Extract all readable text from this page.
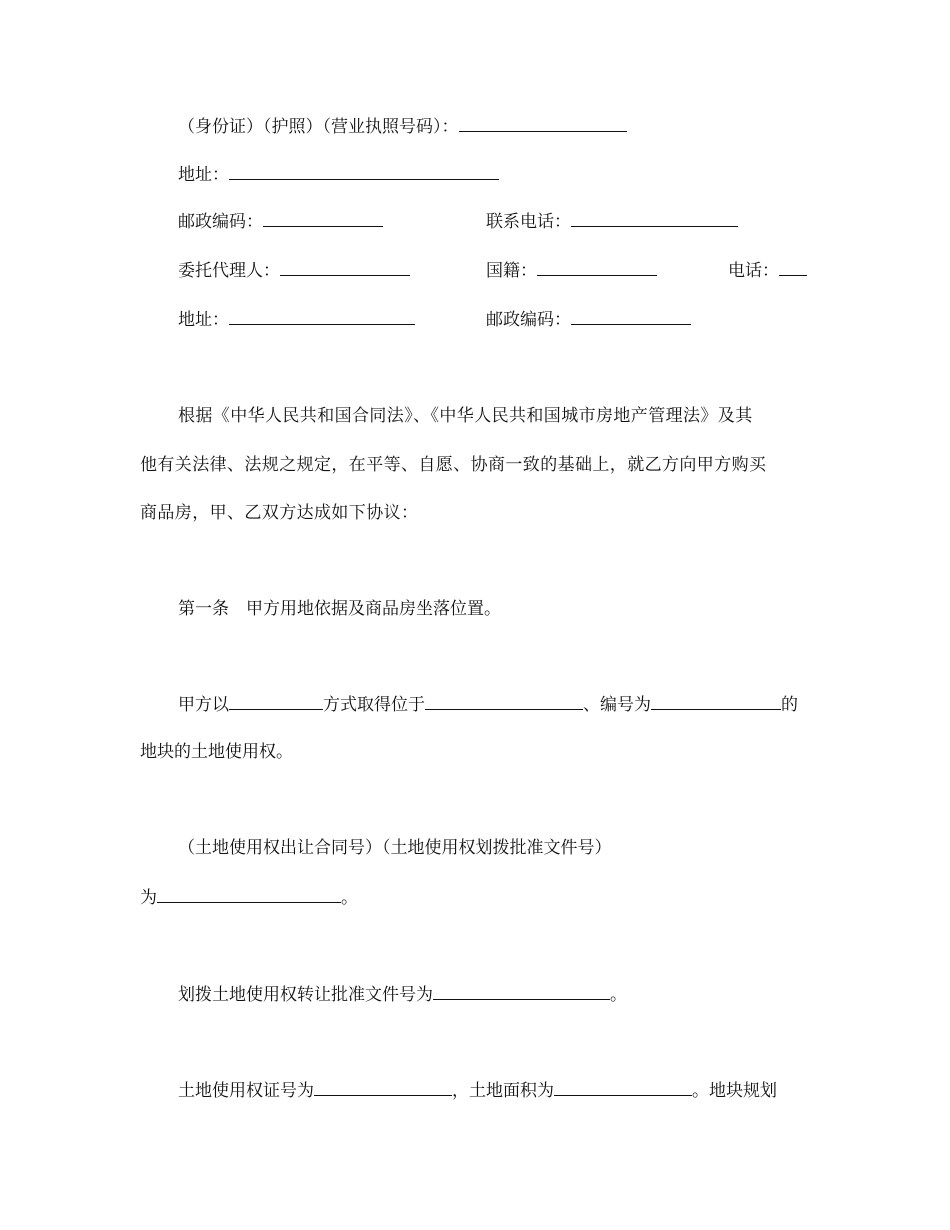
（身份证）（护照）（营业执照号码）：
地址：
邮政编码：	联系电话：
委托代理人：	国籍：	电话：
地址：	邮政编码：
根据《中华人民共和国合同法》、《中华人民共和国城市房地产管理法》及其
他有关法律、法规之规定，在平等、自愿、协商一致的基础上，就乙方向甲方购买
商品房，甲、乙双方达成如下协议：
第一条　甲方用地依据及商品房坐落位置。
甲方以	方式取得位于	、编号为	的
地块的土地使用权。
（土地使用权出让合同号）（土地使用权划拨批准文件号）
为	。
划拨土地使用权转让批准文件号为	。
土地使用权证号为	，土地面积为	。地块规划
